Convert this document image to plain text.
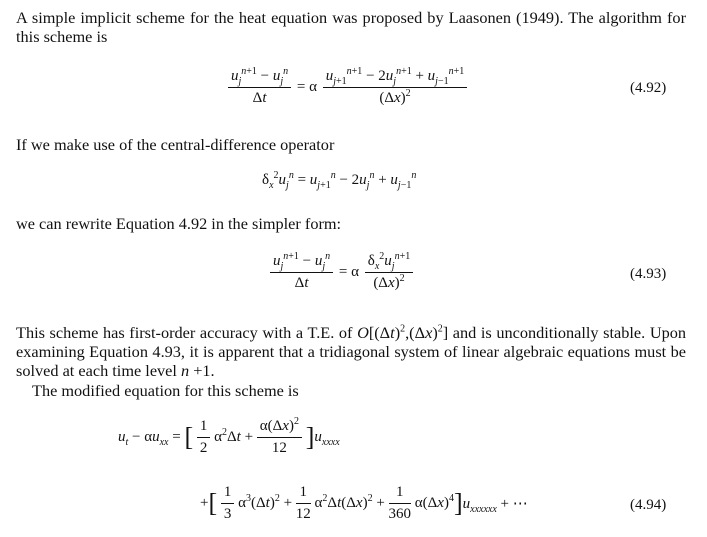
A simple implicit scheme for the heat equation was proposed by Laasonen (1949). The algorithm for this scheme is

$\frac{u_j^{n+1} - u_j^n}{\Delta t} = \alpha \frac{u_{j+1}^{n+1} - 2u_j^{n+1} + u_{j-1}^{n+1}}{(\Delta x)^2}$	(4.92)

If we make use of the central-difference operator

$\delta_x^2u_j^n = u_{j+1}^n - 2u_j^n + u_{j-1}^n$

we can rewrite Equation 4.92 in the simpler form:

$\frac{u_j^{n+1} - u_j^n}{\Delta t} = \alpha \frac{\delta_x^2u_j^{n+1}}{(\Delta x)^2}$	(4.93)

This scheme has first-order accuracy with a T.E. of $O[(\Delta t)^2,(\Delta x)^2]$ and is unconditionally stable. Upon examining Equation 4.93, it is apparent that a tridiagonal system of linear algebraic equations must be solved at each time level n +1.

The modified equation for this scheme is

$u_t - \alpha u_{xx}$ = [ $\frac{1}{2} \alpha^2\Delta t + \frac{\alpha(\Delta x)^2}{12} ]u_{xxxx}$
+[ $\frac{1}{3} \alpha^3(\Delta t)^2 + \frac{1}{12} \alpha^2\Delta t(\Delta x)^2 + \frac{1}{360} \alpha(\Delta x)^4]u_{xxxxxx}$ + ⋯	(4.94)
